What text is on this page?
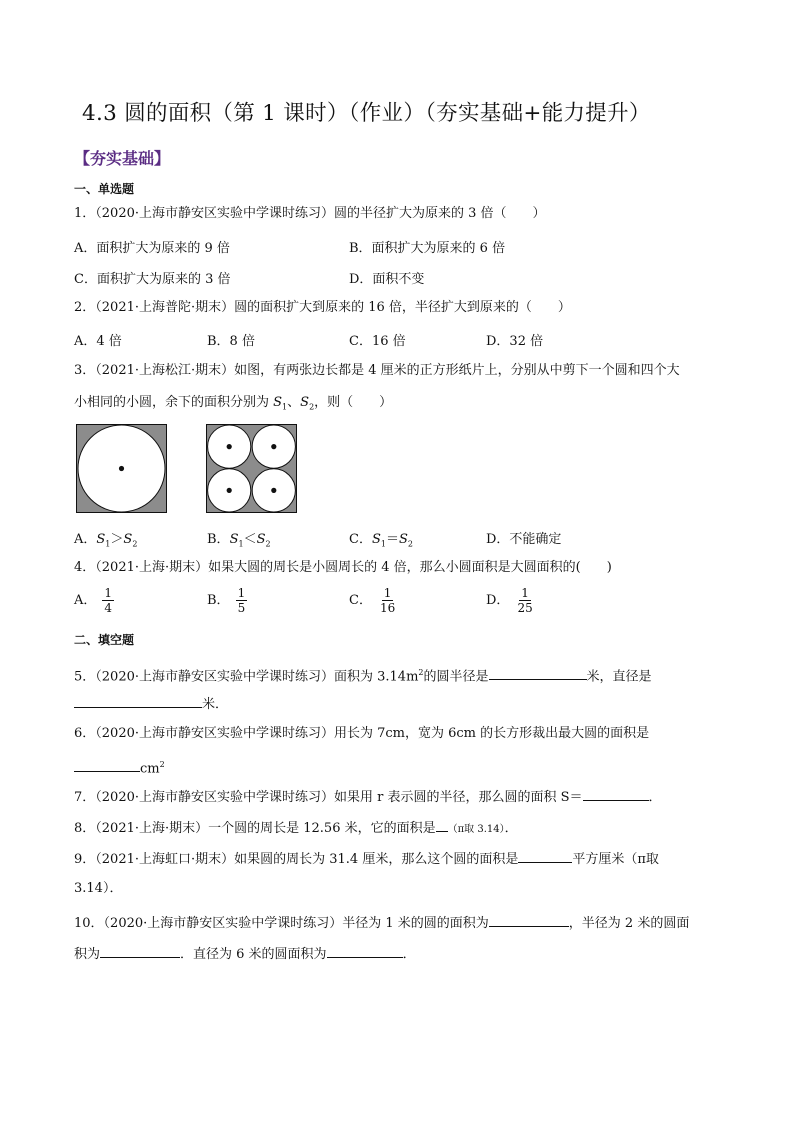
4.3 圆的面积（第 1 课时）（作业）（夯实基础+能力提升）
【夯实基础】
一、单选题
1．（2020·上海市静安区实验中学课时练习）圆的半径扩大为原来的 3 倍（　　）
A．面积扩大为原来的 9 倍	B．面积扩大为原来的 6 倍
C．面积扩大为原来的 3 倍	D．面积不变
2．（2021·上海普陀·期末）圆的面积扩大到原来的 16 倍，半径扩大到原来的（　　）
A．4 倍	B．8 倍	C．16 倍	D．32 倍
3．（2021·上海松江·期末）如图，有两张边长都是 4 厘米的正方形纸片上，分别从中剪下一个圆和四个大
小相同的小圆，余下的面积分别为 $S_1$、$S_2$，则（　　）
A．$S_1>S_2$	B．$S_1<S_2$	C．$S_1=S_2$	D．不能确定
4．（2021·上海·期末）如果大圆的周长是小圆周长的 4 倍，那么小圆面积是大圆面积的(　　)
A． $\frac{1}{4}$	B． $\frac{1}{5}$	C． $\frac{1}{16}$	D． $\frac{1}{25}$
二、填空题
5．（2020·上海市静安区实验中学课时练习）面积为 $3.14m^2$的圆半径是	米，直径是
米．
6．（2020·上海市静安区实验中学课时练习）用长为 7cm，宽为 6cm 的长方形裁出最大圆的面积是
$cm^2$
7．（2020·上海市静安区实验中学课时练习）如果用 r 表示圆的半径，那么圆的面积 S＝	．
8．（2021·上海·期末）一个圆的周长是 12.56 米，它的面积是 （π取 3.14）．
9．（2021·上海虹口·期末）如果圆的周长为 31.4 厘米，那么这个圆的面积是	平方厘米（π取
3.14）．
10．（2020·上海市静安区实验中学课时练习）半径为 1 米的圆的面积为	，半径为 2 米的圆面
积为	．直径为 6 米的圆面积为	．
